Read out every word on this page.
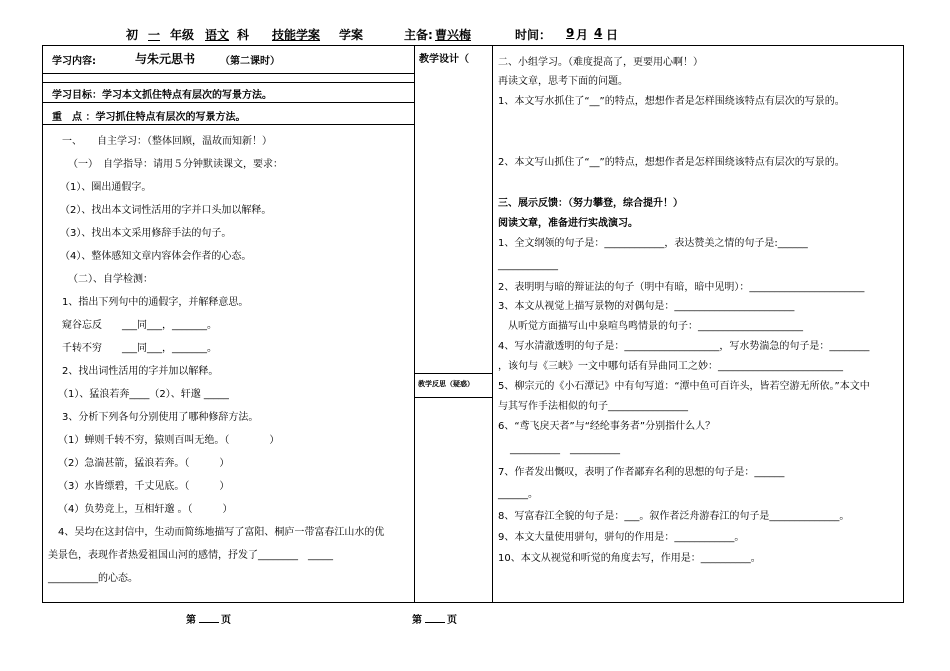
初 一 年级 语文 科 技能学案 学案	主备: 曹兴梅	时间： 9 月 4 日
学习内容:	与朱元思书 （第二课时）
学习目标：学习本文抓住特点有层次的写景方法。
重　点 ：学习抓住特点有层次的写景方法。
一、　　自主学习：（整体回顾，温故而知新！）
（一）　自学指导：请用５分钟默读课文，要求：
（1）、圈出通假字。
（2）、找出本文词性活用的字并口头加以解释。
（3）、找出本文采用修辞手法的句子。
（4）、整体感知文章内容体会作者的心态。
（二）、自学检测：
1、指出下列句中的通假字，并解释意思。
窥谷忘反　　___同___，_______。
千转不穷　　___同___，_______。
2、找出词性活用的字并加以解释。
（1）、猛浪若奔____（2）、轩邈 _____
3、分析下列各句分别使用了哪种修辞方法。
（1）蝉则千转不穷，猿则百叫无绝。（　　　　）
（2）急湍甚箭，猛浪若奔。（　　　）
（3）水皆缥碧，千丈见底。（　　　）
（4）负势竞上，互相轩邈 。（　　　）
4、吴均在这封信中，生动而简练地描写了富阳、桐庐一带富春江山水的优
美景色，表现作者热爱祖国山河的感情，抒发了________　_____
__________的心态。
教学设计（
教学反思（疑惑）
二、小组学习。（难度提高了，更要用心啊！）
再读文章，思考下面的问题。
1、本文写水抓住了“__”的特点，想想作者是怎样围绕该特点有层次的写景的。
2、本文写山抓住了“__”的特点，想想作者是怎样围绕该特点有层次的写景的。
三、展示反馈：（努力攀登，综合提升！）
阅读文章，准备进行实战演习。
1、全文纲领的句子是：____________，表达赞美之情的句子是:______
____________
2、表明明与暗的辩证法的句子（明中有暗，暗中见明）：_______________________
3、本文从视觉上描写景物的对偶句是：________________________
　从听觉方面描写山中泉喧鸟鸣情景的句子：_____________________
4、写水清澈透明的句子是：___________________，写水势湍急的句子是：________
，该句与《三峡》一文中哪句话有异曲同工之妙：_________________________
5、柳宗元的《小石潭记》中有句写道：“潭中鱼可百许头，皆若空游无所依。”本文中
与其写作手法相似的句子________________
6、“鸢飞戾天者”与“经纶事务者”分别指什么人？
__________　__________
7、作者发出慨叹，表明了作者鄙弃名利的思想的句子是：______
______。
8、写富春江全貌的句子是：___。叙作者泛舟游春江的句子是______________。
9、本文大量使用骈句，骈句的作用是：____________。
10、本文从视觉和听觉的角度去写，作用是：__________。
第	页	第	页
